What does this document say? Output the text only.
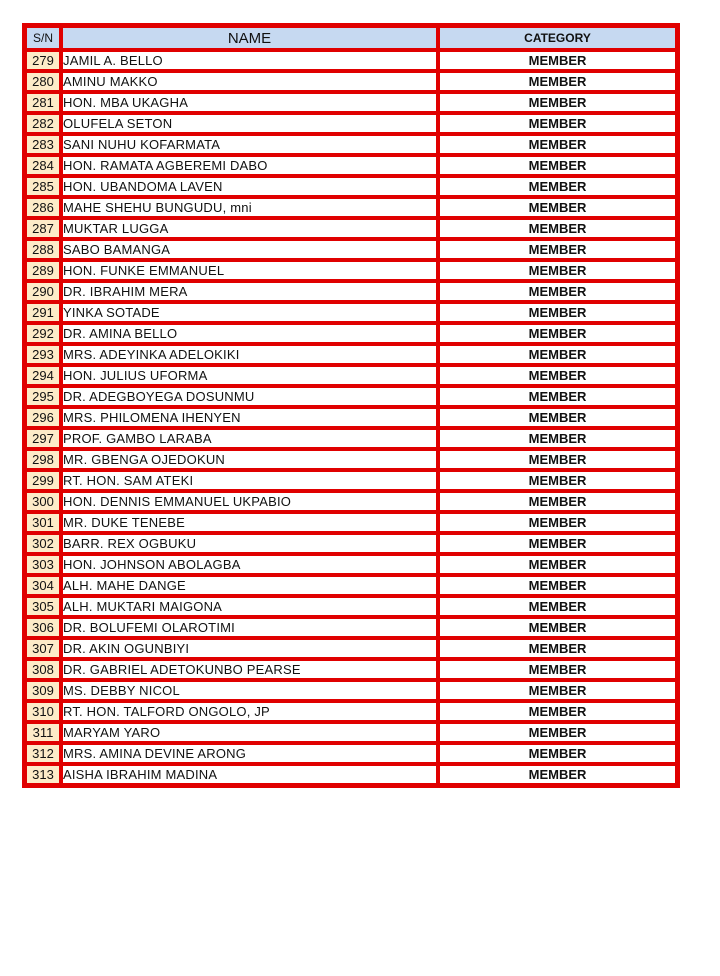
S/N	NAME	CATEGORY
279	JAMIL A. BELLO	MEMBER
280	AMINU MAKKO	MEMBER
281	HON. MBA UKAGHA	MEMBER
282	OLUFELA SETON	MEMBER
283	SANI NUHU KOFARMATA	MEMBER
284	HON. RAMATA AGBEREMI DABO	MEMBER
285	HON. UBANDOMA LAVEN	MEMBER
286	MAHE SHEHU BUNGUDU, mni	MEMBER
287	MUKTAR LUGGA	MEMBER
288	SABO BAMANGA	MEMBER
289	HON. FUNKE EMMANUEL	MEMBER
290	DR. IBRAHIM MERA	MEMBER
291	YINKA SOTADE	MEMBER
292	DR. AMINA BELLO	MEMBER
293	MRS. ADEYINKA ADELOKIKI	MEMBER
294	HON. JULIUS UFORMA	MEMBER
295	DR. ADEGBOYEGA DOSUNMU	MEMBER
296	MRS. PHILOMENA IHENYEN	MEMBER
297	PROF. GAMBO LARABA	MEMBER
298	MR. GBENGA OJEDOKUN	MEMBER
299	RT. HON. SAM ATEKI	MEMBER
300	HON. DENNIS EMMANUEL UKPABIO	MEMBER
301	MR. DUKE TENEBE	MEMBER
302	BARR. REX OGBUKU	MEMBER
303	HON. JOHNSON ABOLAGBA	MEMBER
304	ALH. MAHE DANGE	MEMBER
305	ALH. MUKTARI MAIGONA	MEMBER
306	DR. BOLUFEMI OLAROTIMI	MEMBER
307	DR. AKIN OGUNBIYI	MEMBER
308	DR. GABRIEL ADETOKUNBO PEARSE	MEMBER
309	MS. DEBBY NICOL	MEMBER
310	RT. HON. TALFORD ONGOLO, JP	MEMBER
311	MARYAM YARO	MEMBER
312	MRS. AMINA DEVINE ARONG	MEMBER
313	AISHA IBRAHIM MADINA	MEMBER
